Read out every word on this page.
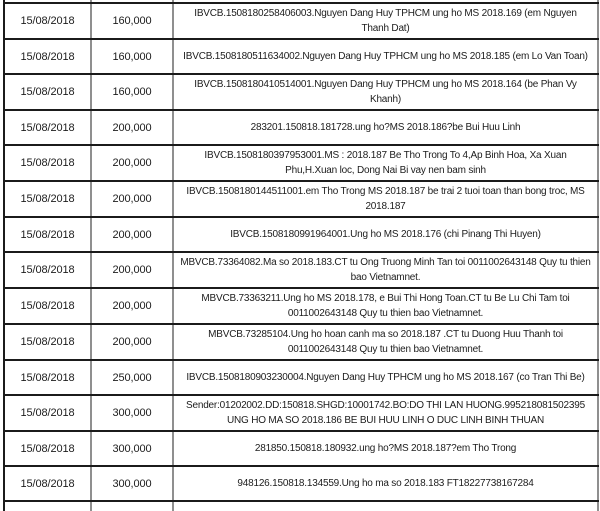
15/08/2018	160,000	IBVCB.1508180258406003.Nguyen Dang Huy TPHCM ung ho MS 2018.169 (em Nguyen Thanh Dat)
15/08/2018	160,000	IBVCB.1508180511634002.Nguyen Dang Huy TPHCM ung ho MS 2018.185 (em Lo Van Toan)
15/08/2018	160,000	IBVCB.1508180410514001.Nguyen Dang Huy TPHCM ung ho MS 2018.164 (be Phan Vy Khanh)
15/08/2018	200,000	283201.150818.181728.ung ho?MS 2018.186?be Bui Huu Linh
15/08/2018	200,000	IBVCB.1508180397953001.MS : 2018.187 Be Tho Trong To 4,Ap Binh Hoa, Xa Xuan Phu,H.Xuan loc, Dong Nai Bi vay nen bam sinh
15/08/2018	200,000	IBVCB.1508180144511001.em Tho Trong MS 2018.187 be trai 2 tuoi toan than bong troc, MS 2018.187
15/08/2018	200,000	IBVCB.1508180991964001.Ung ho MS 2018.176 (chi Pinang Thi Huyen)
15/08/2018	200,000	MBVCB.73364082.Ma so 2018.183.CT tu Ong Truong Minh Tan toi 0011002643148 Quy tu thien bao Vietnamnet.
15/08/2018	200,000	MBVCB.73363211.Ung ho MS 2018.178, e Bui Thi Hong Toan.CT tu Be Lu Chi Tam toi 0011002643148 Quy tu thien bao Vietnamnet.
15/08/2018	200,000	MBVCB.73285104.Ung ho hoan canh ma so 2018.187 .CT tu Duong Huu Thanh toi 0011002643148 Quy tu thien bao Vietnamnet.
15/08/2018	250,000	IBVCB.1508180903230004.Nguyen Dang Huy TPHCM ung ho MS 2018.167 (co Tran Thi Be)
15/08/2018	300,000	Sender:01202002.DD:150818.SHGD:10001742.BO:DO THI LAN HUONG.995218081502395 UNG HO MA SO 2018.186 BE BUI HUU LINH O DUC LINH BINH THUAN
15/08/2018	300,000	281850.150818.180932.ung ho?MS 2018.187?em Tho Trong
15/08/2018	300,000	948126.150818.134559.Ung ho ma so 2018.183 FT18227738167284
